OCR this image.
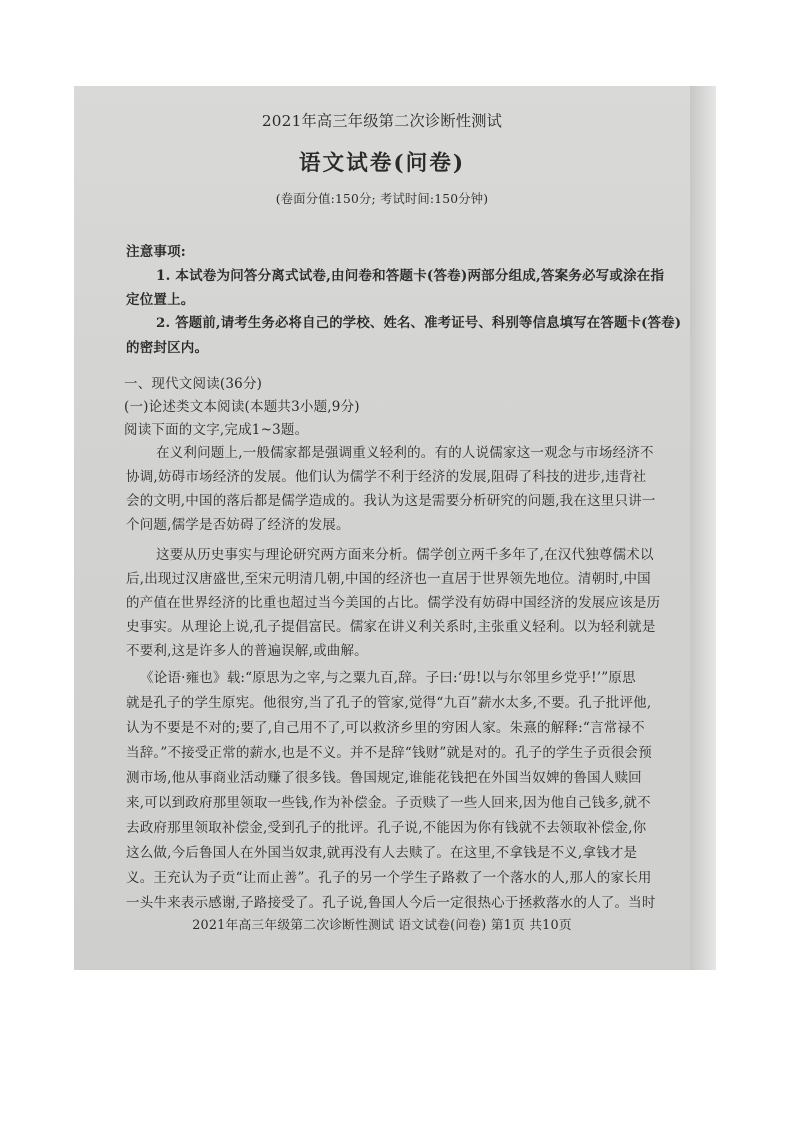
2021年高三年级第二次诊断性测试
语文试卷(问卷)
(卷面分值:150分; 考试时间:150分钟)
注意事项:
1. 本试卷为问答分离式试卷,由问卷和答题卡(答卷)两部分组成,答案务必写或涂在指
定位置上。
2. 答题前,请考生务必将自己的学校、姓名、准考证号、科别等信息填写在答题卡(答卷)
的密封区内。
一、现代文阅读(36分)
(一)论述类文本阅读(本题共3小题,9分)
阅读下面的文字,完成1~3题。
在义利问题上,一般儒家都是强调重义轻利的。有的人说儒家这一观念与市场经济不
协调,妨碍市场经济的发展。他们认为儒学不利于经济的发展,阻碍了科技的进步,违背社
会的文明,中国的落后都是儒学造成的。我认为这是需要分析研究的问题,我在这里只讲一
个问题,儒学是否妨碍了经济的发展。
这要从历史事实与理论研究两方面来分析。儒学创立两千多年了,在汉代独尊儒术以
后,出现过汉唐盛世,至宋元明清几朝,中国的经济也一直居于世界领先地位。清朝时,中国
的产值在世界经济的比重也超过当今美国的占比。儒学没有妨碍中国经济的发展应该是历
史事实。从理论上说,孔子提倡富民。儒家在讲义利关系时,主张重义轻利。以为轻利就是
不要利,这是许多人的普遍误解,或曲解。
《论语·雍也》载:“原思为之宰,与之粟九百,辞。子曰:‘毋!以与尔邻里乡党乎!’”原思
就是孔子的学生原宪。他很穷,当了孔子的管家,觉得“九百”薪水太多,不要。孔子批评他,
认为不要是不对的;要了,自己用不了,可以救济乡里的穷困人家。朱熹的解释:“言常禄不
当辞。”不接受正常的薪水,也是不义。并不是辞“钱财”就是对的。孔子的学生子贡很会预
测市场,他从事商业活动赚了很多钱。鲁国规定,谁能花钱把在外国当奴婢的鲁国人赎回
来,可以到政府那里领取一些钱,作为补偿金。子贡赎了一些人回来,因为他自己钱多,就不
去政府那里领取补偿金,受到孔子的批评。孔子说,不能因为你有钱就不去领取补偿金,你
这么做,今后鲁国人在外国当奴隶,就再没有人去赎了。在这里,不拿钱是不义,拿钱才是
义。王充认为子贡“让而止善”。孔子的另一个学生子路救了一个落水的人,那人的家长用
一头牛来表示感谢,子路接受了。孔子说,鲁国人今后一定很热心于拯救落水的人了。当时
2021年高三年级第二次诊断性测试 语文试卷(问卷) 第1页 共10页
